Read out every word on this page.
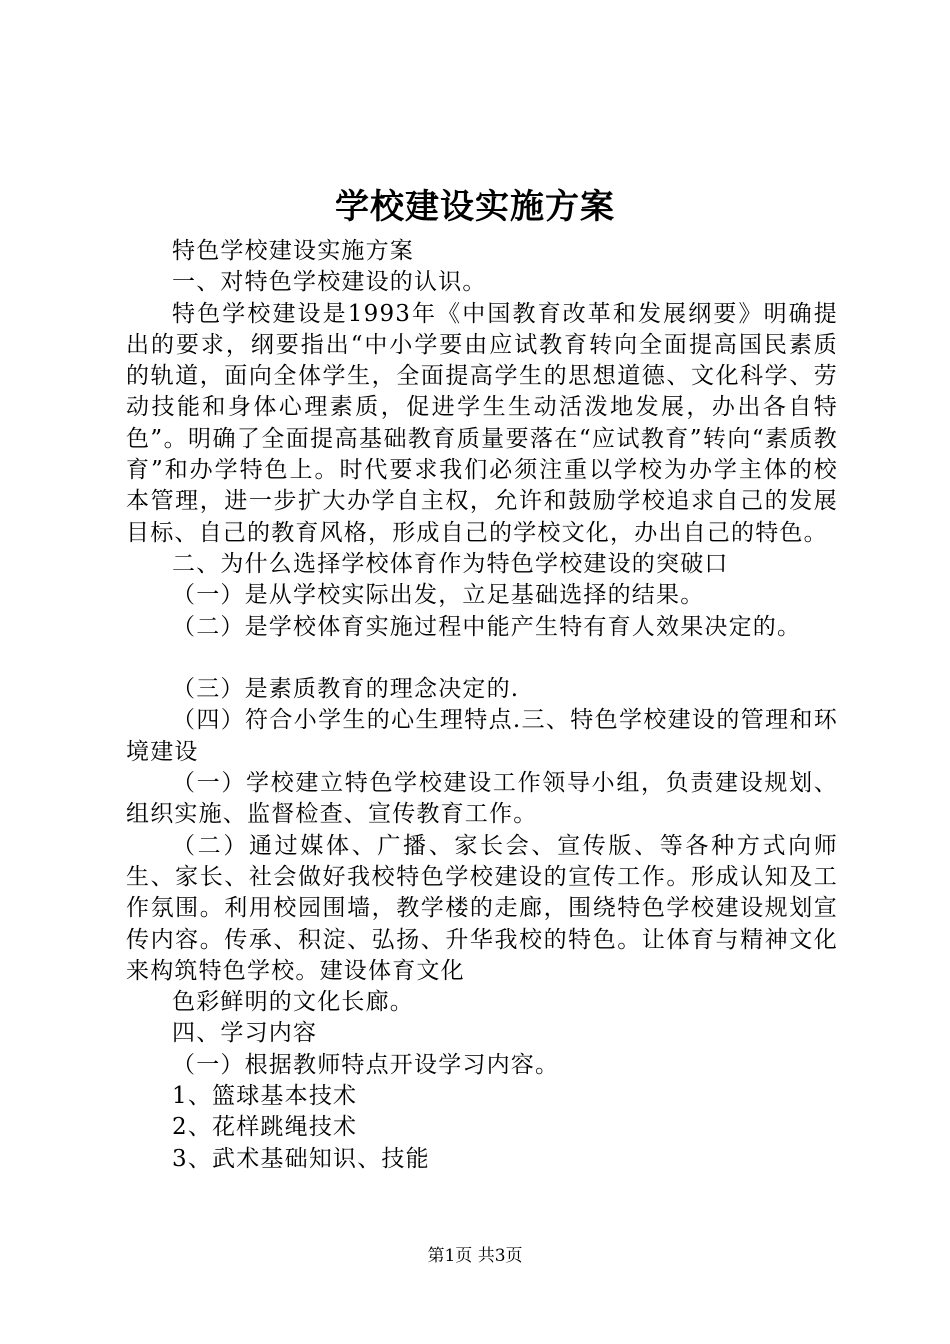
学校建设实施方案

特色学校建设实施方案

一、对特色学校建设的认识。

特色学校建设是1993年《中国教育改革和发展纲要》明确提出的要求，纲要指出“中小学要由应试教育转向全面提高国民素质的轨道，面向全体学生，全面提高学生的思想道德、文化科学、劳动技能和身体心理素质，促进学生生动活泼地发展，办出各自特色”。明确了全面提高基础教育质量要落在“应试教育”转向“素质教育”和办学特色上。时代要求我们必须注重以学校为办学主体的校本管理，进一步扩大办学自主权，允许和鼓励学校追求自己的发展目标、自己的教育风格，形成自己的学校文化，办出自己的特色。

二、为什么选择学校体育作为特色学校建设的突破口

（一）是从学校实际出发，立足基础选择的结果。

（二）是学校体育实施过程中能产生特有育人效果决定的。

（三）是素质教育的理念决定的.

（四）符合小学生的心生理特点.三、特色学校建设的管理和环境建设

（一）学校建立特色学校建设工作领导小组，负责建设规划、组织实施、监督检查、宣传教育工作。

（二）通过媒体、广播、家长会、宣传版、等各种方式向师生、家长、社会做好我校特色学校建设的宣传工作。形成认知及工作氛围。利用校园围墙，教学楼的走廊，围绕特色学校建设规划宣传内容。传承、积淀、弘扬、升华我校的特色。让体育与精神文化来构筑特色学校。建设体育文化

色彩鲜明的文化长廊。

四、学习内容

（一）根据教师特点开设学习内容。

1、篮球基本技术

2、花样跳绳技术

3、武术基础知识、技能

第1页 共3页
